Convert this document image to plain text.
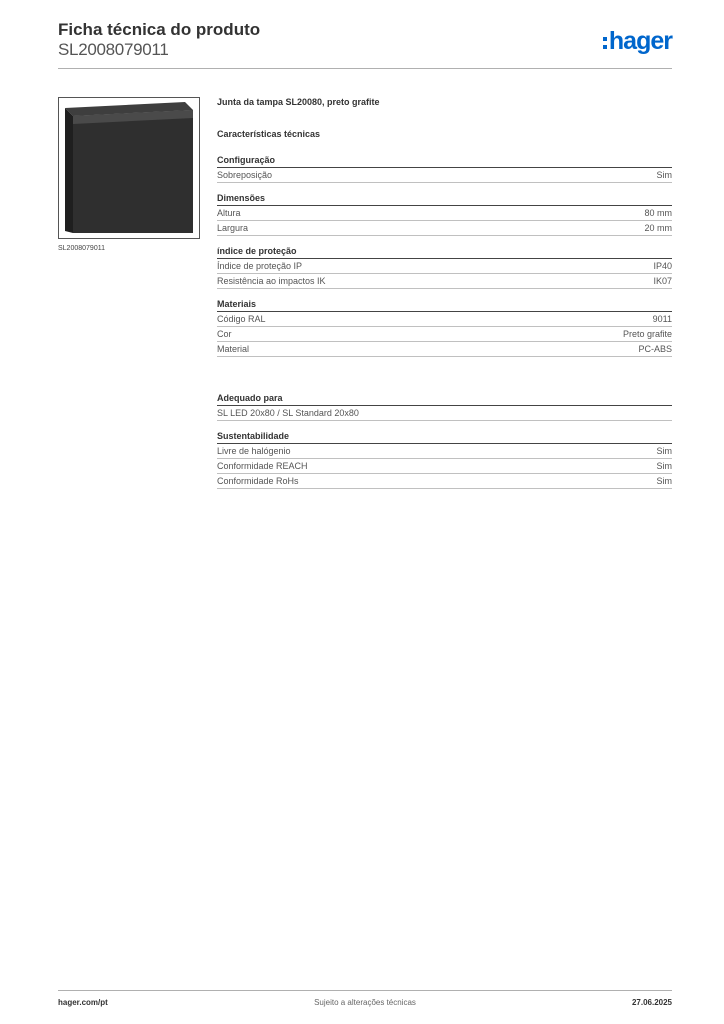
Ficha técnica do produto
SL2008079011	hager
SL2008079011
Junta da tampa SL20080, preto grafite
Características técnicas
Configuração
Sobreposição	Sim
Dimensões
Altura	80 mm
Largura	20 mm
índice de proteção
Índice de proteção IP	IP40
Resistência ao impactos IK	IK07
Materiais
Código RAL	9011
Cor	Preto grafite
Material	PC-ABS
Adequado para
SL LED 20x80 / SL Standard 20x80
Sustentabilidade
Livre de halógenio	Sim
Conformidade REACH	Sim
Conformidade RoHs	Sim
hager.com/pt	Sujeito a alterações técnicas	27.06.2025
